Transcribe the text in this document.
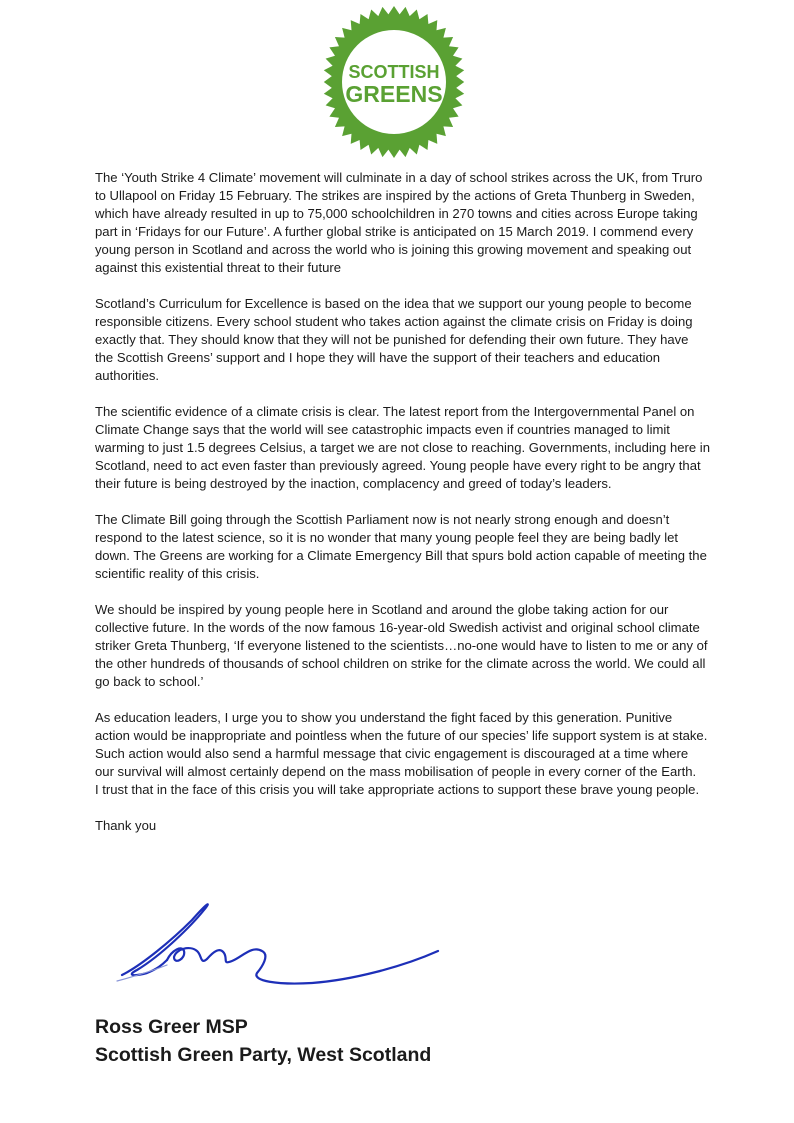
SCOTTISH
GREENS

The ‘Youth Strike 4 Climate’ movement will culminate in a day of school strikes across the UK, from Truro to Ullapool on Friday 15 February. The strikes are inspired by the actions of Greta Thunberg in Sweden, which have already resulted in up to 75,000 schoolchildren in 270 towns and cities across Europe taking part in ‘Fridays for our Future’. A further global strike is anticipated on 15 March 2019. I commend every young person in Scotland and across the world who is joining this growing movement and speaking out against this existential threat to their future

Scotland’s Curriculum for Excellence is based on the idea that we support our young people to become responsible citizens. Every school student who takes action against the climate crisis on Friday is doing exactly that. They should know that they will not be punished for defending their own future. They have the Scottish Greens’ support and I hope they will have the support of their teachers and education authorities.

The scientific evidence of a climate crisis is clear. The latest report from the Intergovernmental Panel on Climate Change says that the world will see catastrophic impacts even if countries managed to limit warming to just 1.5 degrees Celsius, a target we are not close to reaching. Governments, including here in Scotland, need to act even faster than previously agreed. Young people have every right to be angry that their future is being destroyed by the inaction, complacency and greed of today’s leaders.

The Climate Bill going through the Scottish Parliament now is not nearly strong enough and doesn’t respond to the latest science, so it is no wonder that many young people feel they are being badly let down. The Greens are working for a Climate Emergency Bill that spurs bold action capable of meeting the scientific reality of this crisis.

We should be inspired by young people here in Scotland and around the globe taking action for our collective future. In the words of the now famous 16-year-old Swedish activist and original school climate striker Greta Thunberg, ‘If everyone listened to the scientists…no-one would have to listen to me or any of the other hundreds of thousands of school children on strike for the climate across the world. We could all go back to school.’

As education leaders, I urge you to show you understand the fight faced by this generation. Punitive action would be inappropriate and pointless when the future of our species’ life support system is at stake. Such action would also send a harmful message that civic engagement is discouraged at a time where our survival will almost certainly depend on the mass mobilisation of people in every corner of the Earth.

I trust that in the face of this crisis you will take appropriate actions to support these brave young people.

Thank you

Ross Greer MSP
Scottish Green Party, West Scotland
